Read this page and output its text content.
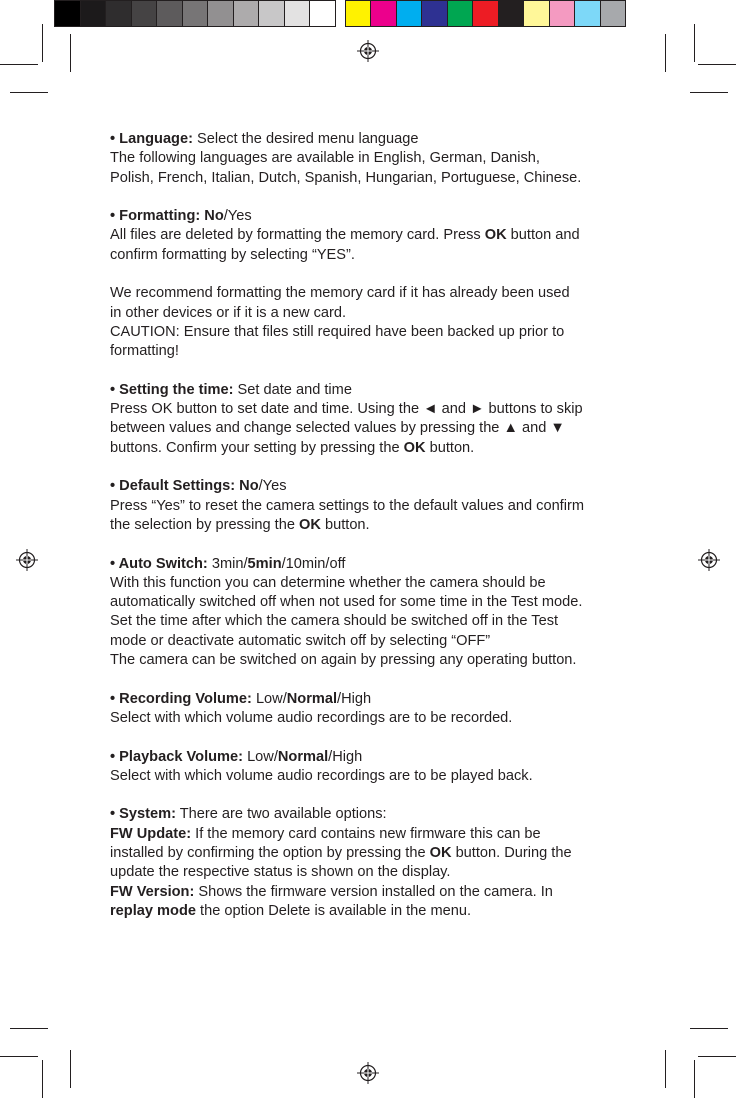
• Language: Select the desired menu language

The following languages are available in English, German, Danish,

Polish, French, Italian, Dutch, Spanish, Hungarian, Portuguese, Chinese.

• Formatting: No/Yes

All files are deleted by formatting the memory card. Press OK button and

confirm formatting by selecting “YES”.

We recommend formatting the memory card if it has already been used

in other devices or if it is a new card.

CAUTION: Ensure that files still required have been backed up prior to

formatting!

• Setting the time: Set date and time

Press OK button to set date and time. Using the ◄ and ► buttons to skip

between values and change selected values by pressing the ▲ and ▼

buttons. Confirm your setting by pressing the OK button.

• Default Settings: No/Yes

Press “Yes” to reset the camera settings to the default values and confirm

the selection by pressing the OK button.

• Auto Switch: 3min/5min/10min/off

With this function you can determine whether the camera should be

automatically switched off when not used for some time in the Test mode.

Set the time after which the camera should be switched off in the Test

mode or deactivate automatic switch off by selecting “OFF”

The camera can be switched on again by pressing any operating button.

• Recording Volume: Low/Normal/High

Select with which volume audio recordings are to be recorded.

• Playback Volume: Low/Normal/High

Select with which volume audio recordings are to be played back.

• System: There are two available options:

FW Update: If the memory card contains new firmware this can be

installed by confirming the option by pressing the OK button. During the

update the respective status is shown on the display.

FW Version: Shows the firmware version installed on the camera. In

replay mode the option Delete is available in the menu.
